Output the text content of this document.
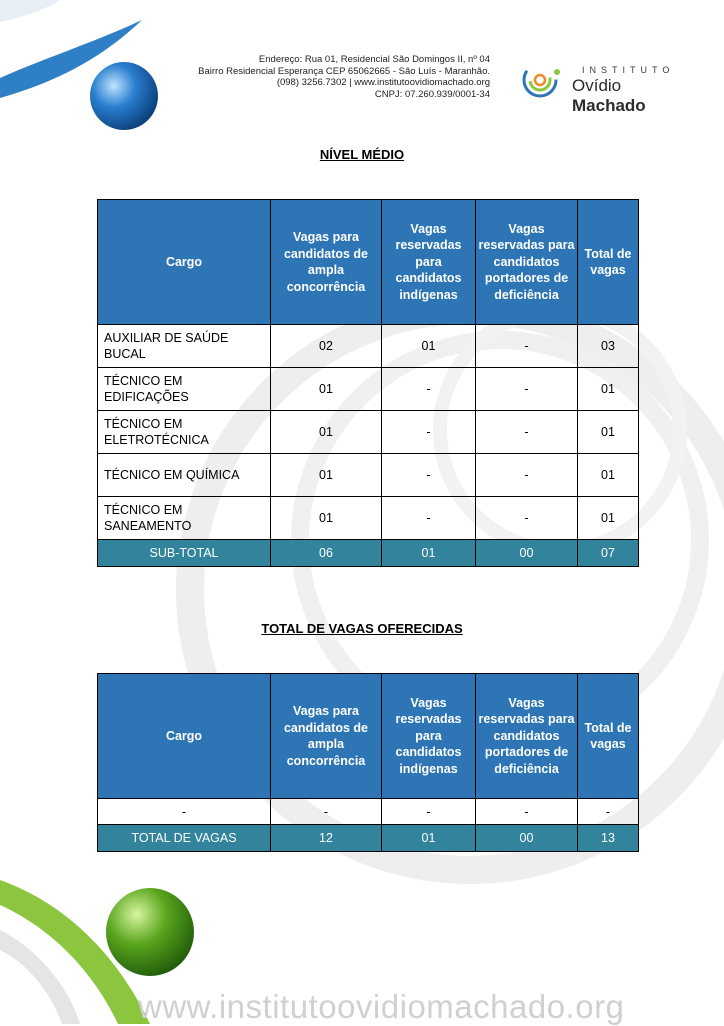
Endereço: Rua 01, Residencial São Domingos II, nº 04
Bairro Residencial Esperança CEP 65062665 - São Luís - Maranhão.
(098) 3256.7302 | www.institutoovidiomachado.org
CNPJ: 07.260.939/0001-34
INSTITUTO
Ovídio Machado
NÍVEL MÉDIO
Cargo	Vagas para candidatos de ampla concorrência	Vagas reservadas para candidatos indígenas	Vagas reservadas para candidatos portadores de deficiência	Total de vagas
AUXILIAR DE SAÚDE BUCAL	02	01	-	03
TÉCNICO EM EDIFICAÇÕES	01	-	-	01
TÉCNICO EM ELETROTÉCNICA	01	-	-	01
TÉCNICO EM QUÍMICA	01	-	-	01
TÉCNICO EM SANEAMENTO	01	-	-	01
SUB-TOTAL	06	01	00	07
TOTAL DE VAGAS OFERECIDAS
Cargo	Vagas para candidatos de ampla concorrência	Vagas reservadas para candidatos indígenas	Vagas reservadas para candidatos portadores de deficiência	Total de vagas
-	-	-	-	-
TOTAL DE VAGAS	12	01	00	13
www.institutoovidiomachado.org
